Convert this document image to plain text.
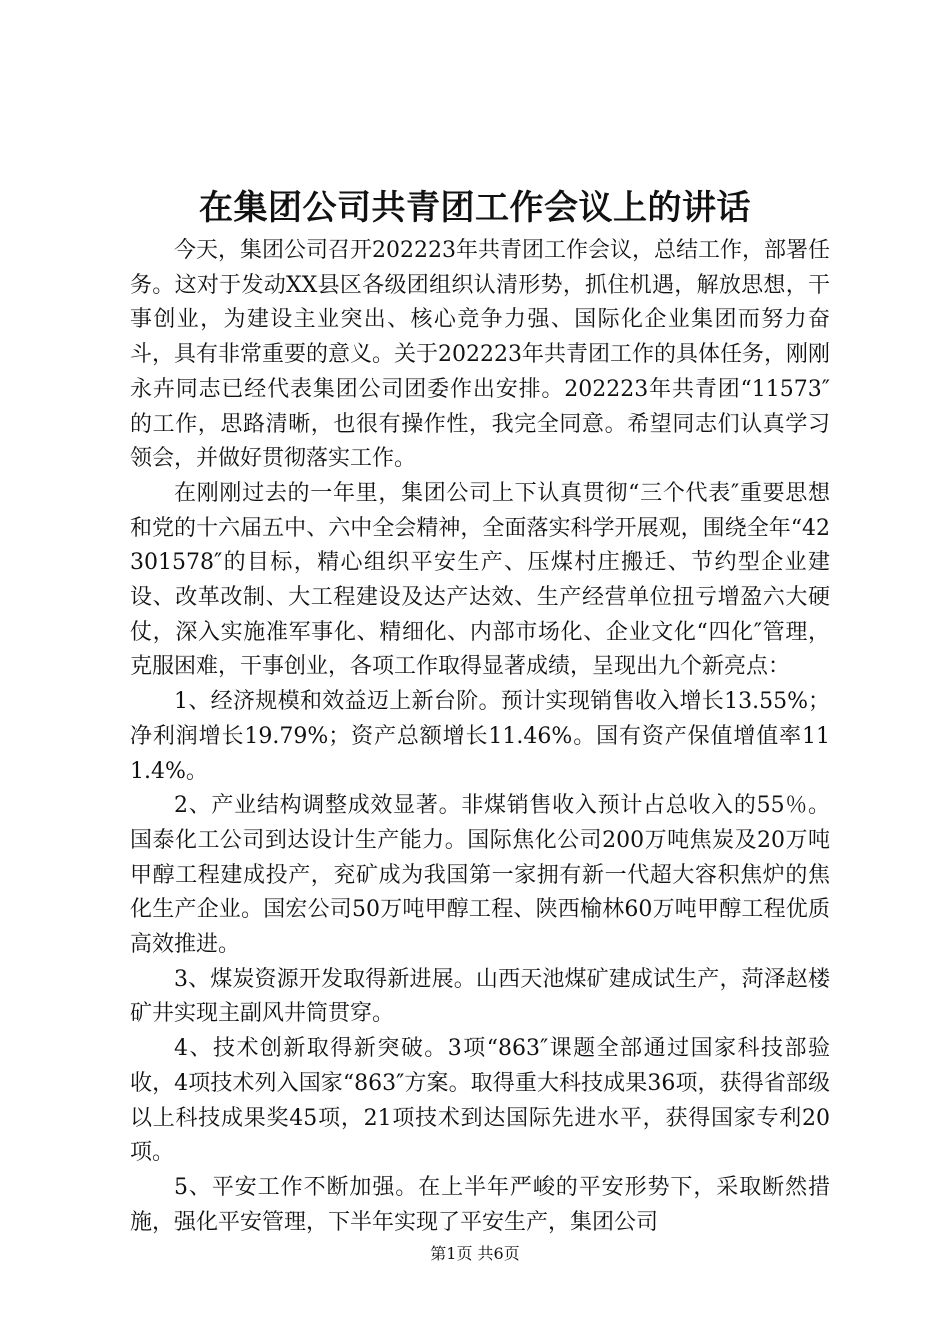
在集团公司共青团工作会议上的讲话

今天，集团公司召开202223年共青团工作会议，总结工作，部署任务。这对于发动XX县区各级团组织认清形势，抓住机遇，解放思想，干事创业，为建设主业突出、核心竞争力强、国际化企业集团而努力奋斗，具有非常重要的意义。关于202223年共青团工作的具体任务，刚刚永卉同志已经代表集团公司团委作出安排。202223年共青团“11573″的工作，思路清晰，也很有操作性，我完全同意。希望同志们认真学习领会，并做好贯彻落实工作。

在刚刚过去的一年里，集团公司上下认真贯彻“三个代表″重要思想和党的十六届五中、六中全会精神，全面落实科学开展观，围绕全年“42301578″的目标，精心组织平安生产、压煤村庄搬迁、节约型企业建设、改革改制、大工程建设及达产达效、生产经营单位扭亏增盈六大硬仗，深入实施准军事化、精细化、内部市场化、企业文化“四化″管理，克服困难，干事创业，各项工作取得显著成绩，呈现出九个新亮点：

1、经济规模和效益迈上新台阶。预计实现销售收入增长13.55%；净利润增长19.79%；资产总额增长11.46%。国有资产保值增值率111.4%。

2、产业结构调整成效显著。非煤销售收入预计占总收入的55％。国泰化工公司到达设计生产能力。国际焦化公司200万吨焦炭及20万吨甲醇工程建成投产，兖矿成为我国第一家拥有新一代超大容积焦炉的焦化生产企业。国宏公司50万吨甲醇工程、陕西榆林60万吨甲醇工程优质高效推进。

3、煤炭资源开发取得新进展。山西天池煤矿建成试生产，菏泽赵楼矿井实现主副风井筒贯穿。

4、技术创新取得新突破。3项“863″课题全部通过国家科技部验收，4项技术列入国家“863″方案。取得重大科技成果36项，获得省部级以上科技成果奖45项，21项技术到达国际先进水平，获得国家专利20项。

5、平安工作不断加强。在上半年严峻的平安形势下，采取断然措施，强化平安管理，下半年实现了平安生产，集团公司

第1页 共6页
